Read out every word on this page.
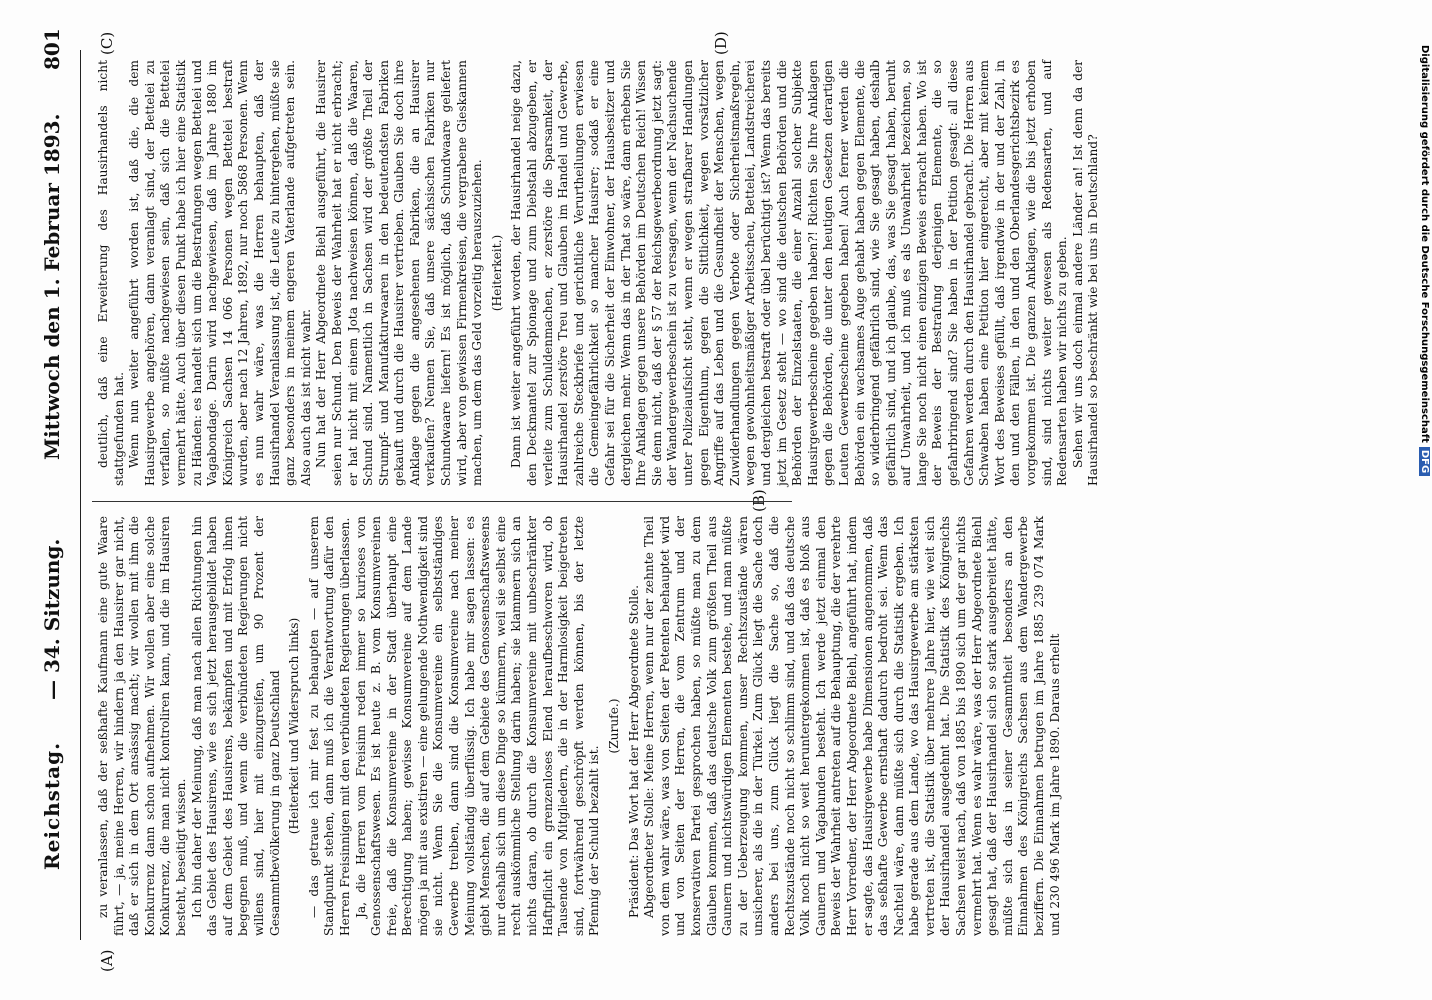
Reichstag.
— 34. Sitzung.
Mittwoch den 1. Februar 1893.
801
(A)
(B)
(C)	(D)

zu veranlassen, daß der seßhafte Kaufmann eine gute Waare führt, — ja, meine Herren, wir hindern ja den Hausirer gar nicht, daß er sich in dem Ort ansässig macht; wir wollen mit ihm die Konkurrenz dann schon aufnehmen. Wir wollen aber eine solche Konkurrenz, die man nicht kontroliren kann, und die im Hausiren besteht, beseitigt wissen. Ich bin daher der Meinung, daß man nach allen Richtungen hin das Gebiet des Hausirens, wie es sich jetzt herausgebildet haben auf dem Gebiet des Hausirens, bekämpfen und mit Erfolg ihnen begegnen muß, und wenn die verbündeten Regierungen nicht willens sind, hier mit einzugreifen, um 90 Prozent der Gesammtbevölkerung in ganz Deutschland (Heiterkeit und Widerspruch links) — das getraue ich mir fest zu behaupten — auf unserem Standpunkt stehen, dann muß ich die Verantwortung dafür den Herren Freisinnigen mit den verbündeten Regierungen überlassen. Ja, die Herren vom Freisinn reden immer so kurioses von Genossenschaftswesen. Es ist heute z. B. vom Konsumvereinen freie, daß die Konsumvereine in der Stadt überhaupt eine Berechtigung haben; gewisse Konsumvereine auf dem Lande mögen ja mit aus existiren — eine gelungende Nothwendigkeit sind sie nicht. Wenn Sie die Konsumvereine ein selbstständiges Gewerbe treiben, dann sind die Konsumvereine nach meiner Meinung vollständig überflüssig. Ich habe mir sagen lassen: es giebt Menschen, die auf dem Gebiete des Genossenschaftswesens nur deshalb sich um diese Dinge so kümmern, weil sie selbst eine recht auskömmliche Stellung darin haben; sie klammern sich an nichts daran, ob durch die Konsumvereine mit unbeschränkter Haftpflicht ein grenzenloses Elend heraufbeschworen wird, ob Tausende von Mitgliedern, die in der Harmlosigkeit beigetreten sind, fortwährend geschröpft werden können, bis der letzte Pfennig der Schuld bezahlt ist.

(Zurufe.) Präsident: Das Wort hat der Herr Abgeordnete Stolle. Abgeordneter Stolle: Meine Herren, wenn nur der zehnte Theil von dem wahr wäre, was von Seiten der Petenten behauptet wird und von Seiten der Herren, die vom Zentrum und der konservativen Partei gesprochen haben, so müßte man zu dem Glauben kommen, daß das deutsche Volk zum größten Theil aus Gaunern und nichtswürdigen Elementen bestehe, und man müßte zu der Ueberzeugung kommen, unser Rechtszustände wären unsicherer, als die in der Türkei. Zum Glück liegt die Sache doch anders bei uns, zum Glück liegt die Sache so, daß die Rechtszustände noch nicht so schlimm sind, und daß das deutsche Volk noch nicht so weit heruntergekommen ist, daß es bloß aus Gaunern und Vagabunden besteht. Ich werde jetzt einmal den Beweis der Wahrheit antreten auf die Behauptung, die der verehrte Herr Vorredner, der Herr Abgeordnete Biehl, angeführt hat, indem er sagte, das Hausirgewerbe habe Dimensionen angenommen, daß das seßhafte Gewerbe ernsthaft dadurch bedroht sei. Wenn das Nachteil wäre, dann müßte sich durch die Statistik ergeben. Ich habe gerade aus dem Lande, wo das Hausirgewerbe am stärksten vertreten ist, die Statistik über mehrere Jahre hier, wie weit sich der Hausirhandel ausgedehnt hat. Die Statistik des Königreichs Sachsen weist nach, daß von 1885 bis 1890 sich um der gar nichts vermehrt hat. Wenn es wahr wäre, was der Herr Abgeordnete Biehl gesagt hat, daß der Hausirhandel sich so stark ausgebreitet hätte, müßte sich das in seiner Gesammtheit besonders an den Einnahmen des Königreichs Sachsen aus dem Wandergewerbe beziffern. Die Einnahmen betrugen im Jahre 1885 239 074 Mark und 230 496 Mark im Jahre 1890. Daraus erhellt

deutlich, daß eine Erweiterung des Hausirhandels nicht stattgefunden hat. Wenn nun weiter angeführt worden ist, daß die, die dem Hausirgewerbe angehören, dann veranlagt sind, der Bettelei zu verfallen, so müßte nachgewiesen sein, daß sich die Bettelei vermehrt hätte. Auch über diesen Punkt habe ich hier eine Statistik zu Händen: es handelt sich um die Bestrafungen wegen Bettelei und Vagabondage. Darin wird nachgewiesen, daß im Jahre 1880 im Königreich Sachsen 14 066 Personen wegen Bettelei bestraft wurden, aber nach 12 Jahren, 1892, nur noch 5868 Personen. Wenn es nun wahr wäre, was die Herren behaupten, daß der Hausirhandel Veranlassung ist, die Leute zu hintergehen, müßte sie ganz besonders in meinem engeren Vaterlande aufgetreten sein. Also auch das ist nicht wahr. Nun hat der Herr Abgeordnete Biehl ausgeführt, die Hausirer seien nur Schund. Den Beweis der Wahrheit hat er nicht erbracht; er hat nicht mit einem Jota nachweisen können, daß die Waaren, Schund sind. Namentlich in Sachsen wird der größte Theil der Strumpf- und Manufakturwaaren in den bedeutendsten Fabriken gekauft und durch die Hausirer vertrieben. Glauben Sie doch ihre Anklage gegen die angesehenen Fabriken, die an Hausirer verkaufen? Nennen Sie, daß unsere sächsischen Fabriken nur Schundwaare liefern! Es ist möglich, daß Schundwaare geliefert wird, aber von gewissen Firmenkreisen, die vergrabene Gieskannen machen, um dem das Geld vorzeitig herauszuziehen. (Heiterkeit.) Dann ist weiter angeführt worden, der Hausirhandel neige dazu, den Deckmantel zur Spionage und zum Diebstahl abzugeben, er verleite zum Schuldenmachen, er zerstöre die Sparsamkeit, der Hausirhandel zerstöre Treu und Glauben im Handel und Gewerbe, zahlreiche Steckbriefe und gerichtliche Verurtheilungen erwiesen die Gemeingefährlichkeit so mancher Hausirer; sodaß er eine Gefahr sei für die Sicherheit der Einwohner, der Hausbesitzer und dergleichen mehr. Wenn das in der That so wäre, dann erheben Sie Ihre Anklagen gegen unsere Behörden im Deutschen Reich! Wissen Sie denn nicht, daß der § 57 der Reichsgewerbeordnung jetzt sagt: der Wandergewerbeschein ist zu versagen, wenn der Nachsuchende unter Polizeiaufsicht steht, wenn er wegen strafbarer Handlungen gegen Eigenthum, gegen die Sittlichkeit, wegen vorsätzlicher Angriffe auf das Leben und die Gesundheit der Menschen, wegen Zuwiderhandlungen gegen Verbote oder Sicherheitsmaßregeln, wegen gewohnheitsmäßiger Arbeitsscheu, Bettelei, Landstreicherei und dergleichen bestraft oder übel berüchtigt ist? Wenn das bereits jetzt im Gesetz steht — wo sind die deutschen Behörden und die Behörden der Einzelstaaten, die einer Anzahl solcher Subjekte Hausirgewerbescheine gegeben haben?! Richten Sie Ihre Anklagen gegen die Behörden, die unter den heutigen Gesetzen derartigen Leuten Gewerbescheine gegeben haben! Auch ferner werden die Behörden ein wachsames Auge gehabt haben gegen Elemente, die so widerbringend gefährlich sind, wie Sie gesagt haben, deshalb gefährlich sind, und ich glaube, das, was Sie gesagt haben, beruht auf Unwahrheit, und ich muß es als Unwahrheit bezeichnen, so lange Sie noch nicht einen einzigen Beweis erbracht haben. Wo ist der Beweis der Bestrafung derjenigen Elemente, die so gefahrbringend sind? Sie haben in der Petition gesagt: all diese Gefahren werden durch den Hausirhandel gebracht. Die Herren aus Schwaben haben eine Petition hier eingereicht, aber mit keinem Wort des Beweises gefüllt, daß irgendwie in der und der Zahl, in den und den Fällen, in den und den Oberlandesgerichtsbezirk es vorgekommen ist. Die ganzen Anklagen, wie die bis jetzt erhoben sind, sind nichts weiter gewesen als Redensarten, und auf Redensarten haben wir nichts zu geben. Sehen wir uns doch einmal andere Länder an! Ist denn da der Hausirhandel so beschränkt wie bei uns in Deutschland?	Digitalisierung gefördert durch die Deutsche ForschungsgemeinschaftDFG
